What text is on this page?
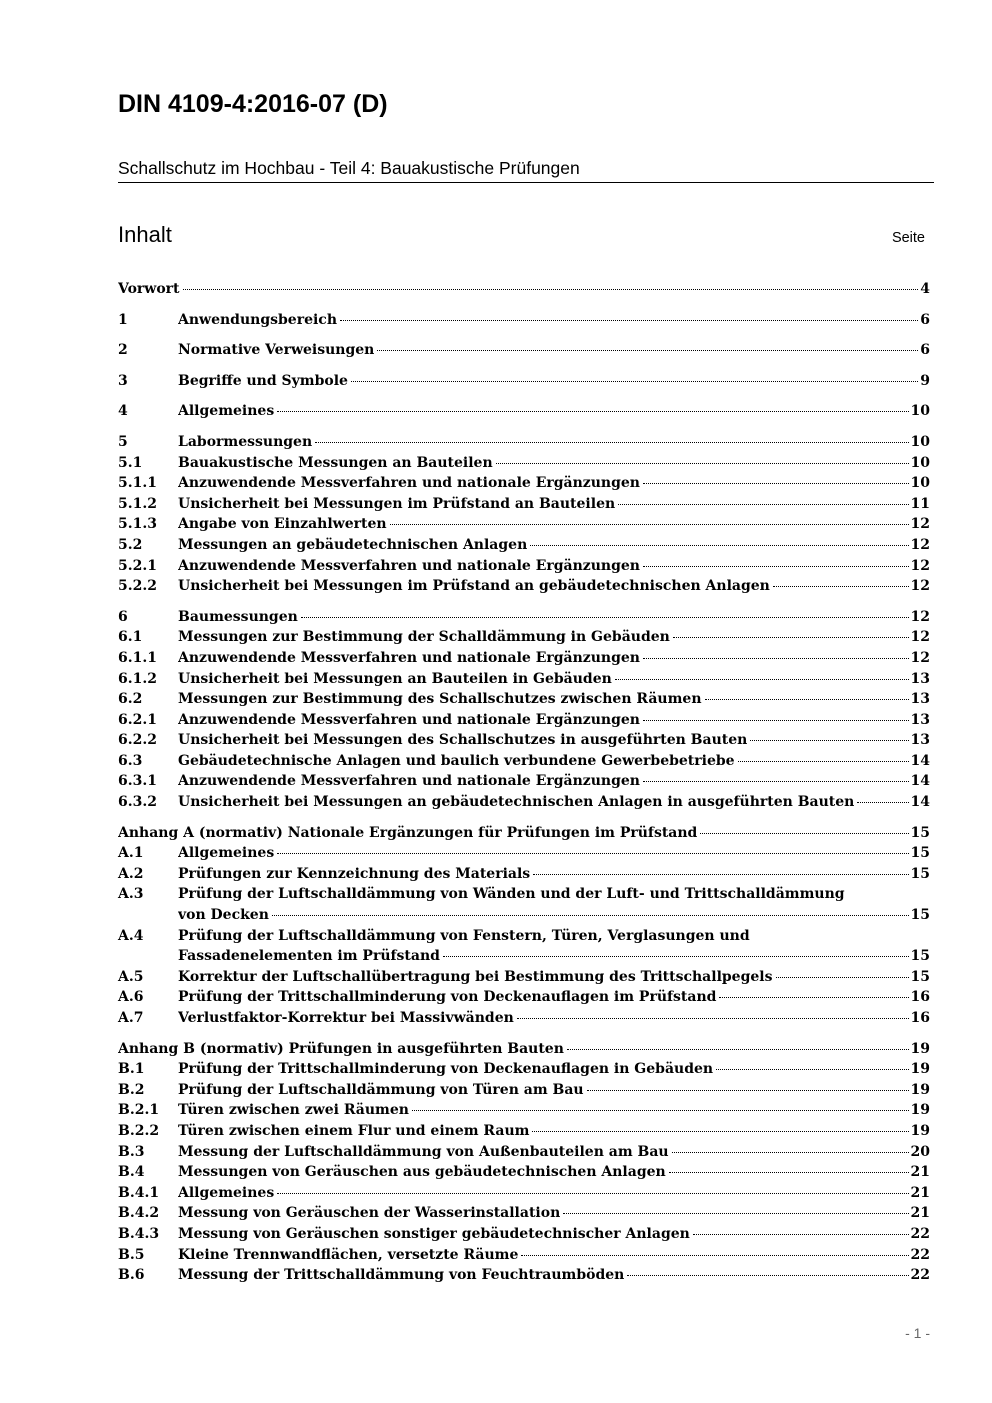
DIN 4109-4:2016-07 (D)
Schallschutz im Hochbau - Teil 4: Bauakustische Prüfungen
Inhalt	Seite
Vorwort	4
1	Anwendungsbereich	6
2	Normative Verweisungen	6
3	Begriffe und Symbole	9
4	Allgemeines	10
5	Labormessungen	10
5.1	Bauakustische Messungen an Bauteilen	10
5.1.1 Anzuwendende Messverfahren und nationale Ergänzungen	10
5.1.2 Unsicherheit bei Messungen im Prüfstand an Bauteilen	11
5.1.3 Angabe von Einzahlwerten	12
5.2	Messungen an gebäudetechnischen Anlagen	12
5.2.1 Anzuwendende Messverfahren und nationale Ergänzungen	12
5.2.2 Unsicherheit bei Messungen im Prüfstand an gebäudetechnischen Anlagen	12
6	Baumessungen	12
6.1	Messungen zur Bestimmung der Schalldämmung in Gebäuden	12
6.1.1 Anzuwendende Messverfahren und nationale Ergänzungen	12
6.1.2 Unsicherheit bei Messungen an Bauteilen in Gebäuden	13
6.2	Messungen zur Bestimmung des Schallschutzes zwischen Räumen	13
6.2.1 Anzuwendende Messverfahren und nationale Ergänzungen	13
6.2.2 Unsicherheit bei Messungen des Schallschutzes in ausgeführten Bauten	13
6.3	Gebäudetechnische Anlagen und baulich verbundene Gewerbebetriebe	14
6.3.1 Anzuwendende Messverfahren und nationale Ergänzungen	14
6.3.2 Unsicherheit bei Messungen an gebäudetechnischen Anlagen in ausgeführten Bauten	14
Anhang A (normativ) Nationale Ergänzungen für Prüfungen im Prüfstand	15
A.1 Allgemeines	15
A.2 Prüfungen zur Kennzeichnung des Materials	15
A.3 Prüfung der Luftschalldämmung von Wänden und der Luft- und Trittschalldämmung
von Decken	15
A.4 Prüfung der Luftschalldämmung von Fenstern, Türen, Verglasungen und
Fassadenelementen im Prüfstand	15
A.5 Korrektur der Luftschallübertragung bei Bestimmung des Trittschallpegels	15
A.6 Prüfung der Trittschallminderung von Deckenauflagen im Prüfstand	16
A.7 Verlustfaktor-Korrektur bei Massivwänden	16
Anhang B (normativ) Prüfungen in ausgeführten Bauten	19
B.1 Prüfung der Trittschallminderung von Deckenauflagen in Gebäuden	19
B.2 Prüfung der Luftschalldämmung von Türen am Bau	19
B.2.1 Türen zwischen zwei Räumen	19
B.2.2 Türen zwischen einem Flur und einem Raum	19
B.3 Messung der Luftschalldämmung von Außenbauteilen am Bau	20
B.4 Messungen von Geräuschen aus gebäudetechnischen Anlagen	21
B.4.1 Allgemeines	21
B.4.2 Messung von Geräuschen der Wasserinstallation	21
B.4.3 Messung von Geräuschen sonstiger gebäudetechnischer Anlagen	22
B.5 Kleine Trennwandflächen, versetzte Räume	22
B.6 Messung der Trittschalldämmung von Feuchtraumböden	22
- 1 -
